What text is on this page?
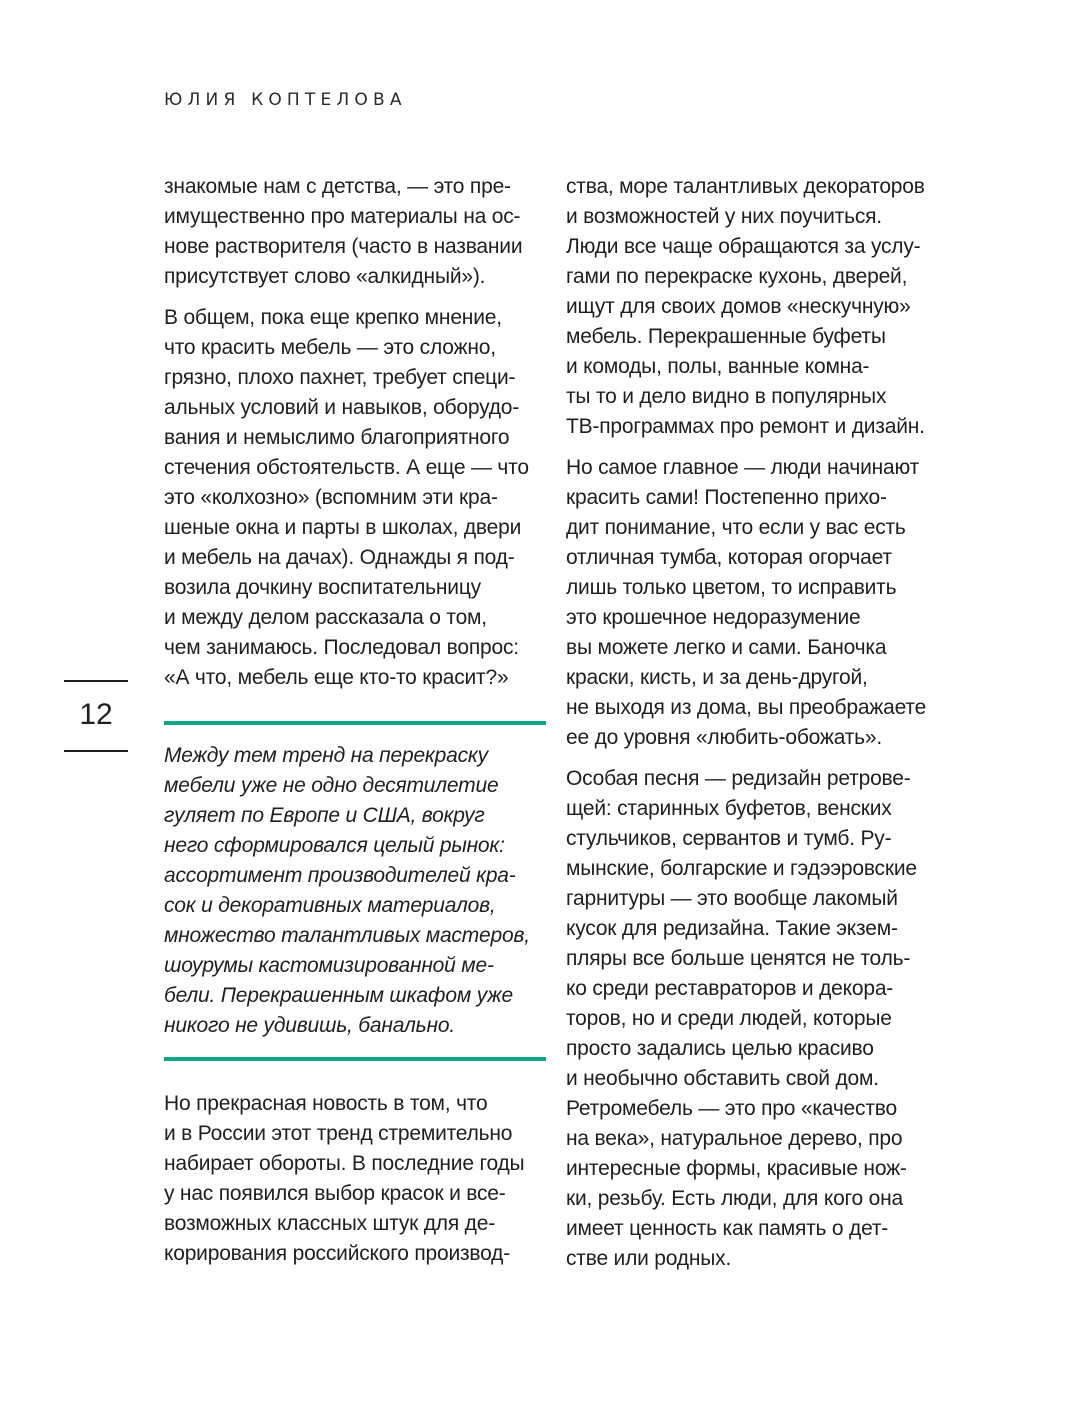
ЮЛИЯ КОПТЕЛОВА
12
знакомые нам с детства, — это пре-
имущественно про материалы на ос-
нове растворителя (часто в названии
присутствует слово «алкидный»).
В общем, пока еще крепко мнение,
что красить мебель — это сложно,
грязно, плохо пахнет, требует специ-
альных условий и навыков, оборудо-
вания и немыслимо благоприятного
стечения обстоятельств. А еще — что
это «колхозно» (вспомним эти кра-
шеные окна и парты в школах, двери
и мебель на дачах). Однажды я под-
возила дочкину воспитательницу
и между делом рассказала о том,
чем занимаюсь. Последовал вопрос:
«А что, мебель еще кто-то красит?»
Между тем тренд на перекраску
мебели уже не одно десятилетие
гуляет по Европе и США, вокруг
него сформировался целый рынок:
ассортимент производителей кра-
сок и декоративных материалов,
множество талантливых мастеров,
шоурумы кастомизированной ме-
бели. Перекрашенным шкафом уже
никого не удивишь, банально.
Но прекрасная новость в том, что
и в России этот тренд стремительно
набирает обороты. В последние годы
у нас появился выбор красок и все-
возможных классных штук для де-
корирования российского производ-
ства, море талантливых декораторов
и возможностей у них поучиться.
Люди все чаще обращаются за услу-
гами по перекраске кухонь, дверей,
ищут для своих домов «нескучную»
мебель. Перекрашенные буфеты
и комоды, полы, ванные комна-
ты то и дело видно в популярных
ТВ-программах про ремонт и дизайн.
Но самое главное — люди начинают
красить сами! Постепенно прихо-
дит понимание, что если у вас есть
отличная тумба, которая огорчает
лишь только цветом, то исправить
это крошечное недоразумение
вы можете легко и сами. Баночка
краски, кисть, и за день-другой,
не выходя из дома, вы преображаете
ее до уровня «любить-обожать».
Особая песня — редизайн ретрове-
щей: старинных буфетов, венских
стульчиков, сервантов и тумб. Ру-
мынские, болгарские и гэдээровские
гарнитуры — это вообще лакомый
кусок для редизайна. Такие экзем-
пляры все больше ценятся не толь-
ко среди реставраторов и декора-
торов, но и среди людей, которые
просто задались целью красиво
и необычно обставить свой дом.
Ретромебель — это про «качество
на века», натуральное дерево, про
интересные формы, красивые нож-
ки, резьбу. Есть люди, для кого она
имеет ценность как память о дет-
стве или родных.
